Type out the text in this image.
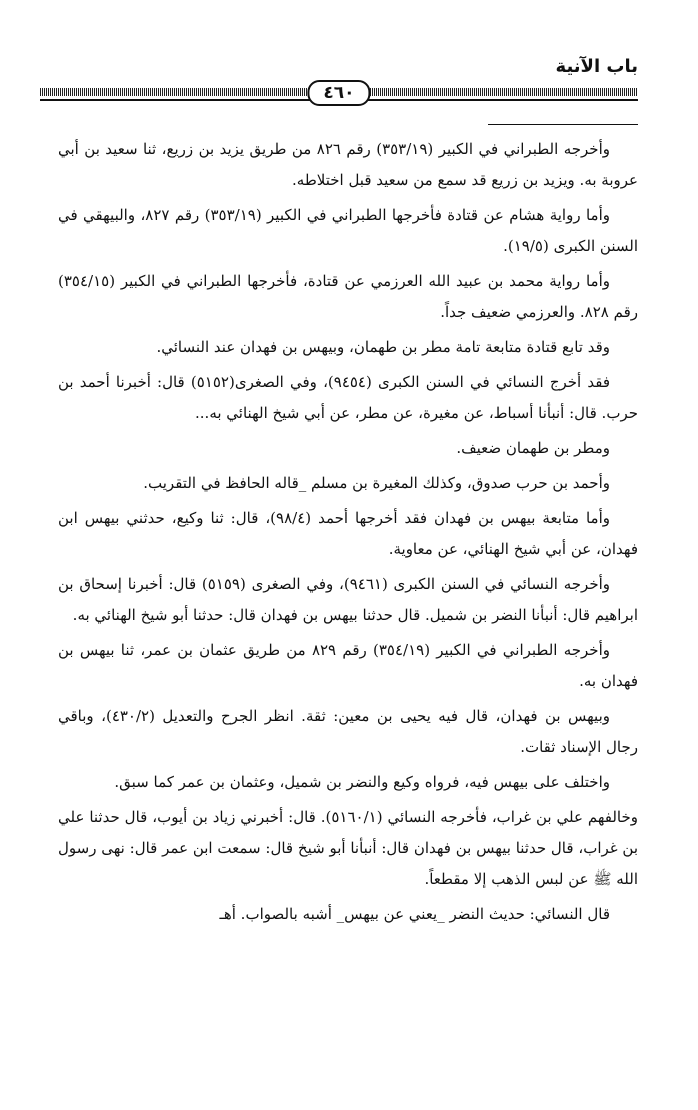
باب الآنية
٤٦٠

وأخرجه الطبراني في الكبير (٣٥٣/١٩) رقم ٨٢٦ من طريق يزيد بن زريع، ثنا سعيد بن أبي عروبة به. ويزيد بن زريع قد سمع من سعيد قبل اختلاطه.

وأما رواية هشام عن قتادة فأخرجها الطبراني في الكبير (٣٥٣/١٩) رقم ٨٢٧، والبيهقي في السنن الكبرى (١٩/٥).

وأما رواية محمد بن عبيد الله العرزمي عن قتادة، فأخرجها الطبراني في الكبير (٣٥٤/١٥) رقم ٨٢٨. والعرزمي ضعيف جداً.

وقد تابع قتادة متابعة تامة مطر بن طهمان، وبيهس بن فهدان عند النسائي.

فقد أخرج النسائي في السنن الكبرى (٩٤٥٤)، وفي الصغرى(٥١٥٢) قال: أخبرنا أحمد بن حرب. قال: أنبأنا أسباط، عن مغيرة، عن مطر، عن أبي شيخ الهنائي به...

ومطر بن طهمان ضعيف.

وأحمد بن حرب صدوق، وكذلك المغيرة بن مسلم _قاله الحافظ في التقريب.

وأما متابعة بيهس بن فهدان فقد أخرجها أحمد (٩٨/٤)، قال: ثنا وكيع، حدثني بيهس ابن فهدان، عن أبي شيخ الهنائي، عن معاوية.

وأخرجه النسائي في السنن الكبرى (٩٤٦١)، وفي الصغرى (٥١٥٩) قال: أخبرنا إسحاق بن ابراهيم قال: أنبأنا النضر بن شميل. قال حدثنا بيهس بن فهدان قال: حدثنا أبو شيخ الهنائي به.

وأخرجه الطبراني في الكبير (٣٥٤/١٩) رقم ٨٢٩ من طريق عثمان بن عمر، ثنا بيهس بن فهدان به.

وبيهس بن فهدان، قال فيه يحيى بن معين: ثقة. انظر الجرح والتعديل (٤٣٠/٢)، وباقي رجال الإسناد ثقات.

واختلف على بيهس فيه، فرواه وكيع والنضر بن شميل، وعثمان بن عمر كما سبق.

وخالفهم علي بن غراب، فأخرجه النسائي (٥١٦٠/١). قال: أخبرني زياد بن أيوب، قال حدثنا علي بن غراب، قال حدثنا بيهس بن فهدان قال: أنبأنا أبو شيخ قال: سمعت ابن عمر قال: نهى رسول الله ﷺ عن لبس الذهب إلا مقطعاً.

قال النسائي: حديث النضر _يعني عن بيهس_ أشبه بالصواب. أهـ
